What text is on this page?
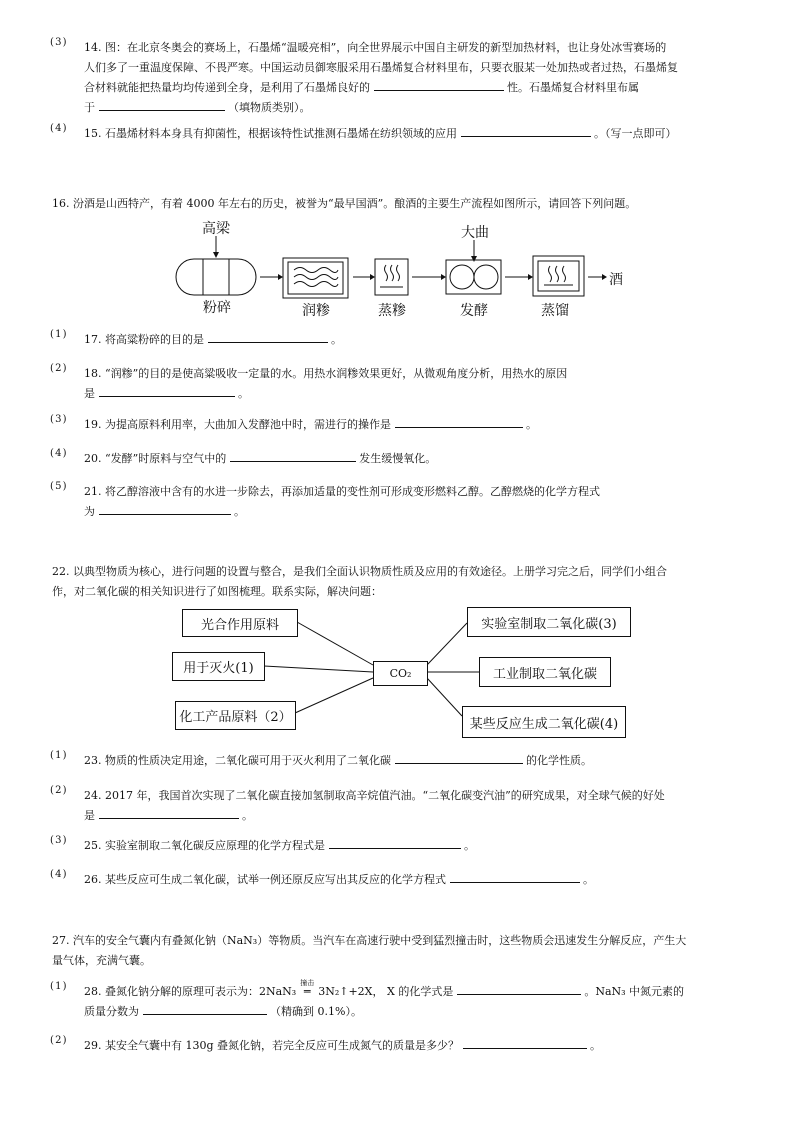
( 3 ) 14. 图：在北京冬奥会的赛场上，石墨烯“温暖亮相”，向全世界展示中国自主研发的新型加热材料，也让身处冰雪赛场的
人们多了一重温度保障、不畏严寒。中国运动员御寒服采用石墨烯复合材料里布，只要衣服某一处加热或者过热，石墨烯复
合材料就能把热量均均传递到全身，是利用了石墨烯良好的	性。石墨烯复合材料里布属
于	（填物质类别）。
( 4 ) 15. 石墨烯材料本身具有抑菌性，根据该特性试推测石墨烯在纺织领域的应用	。（写一点即可）
16. 汾酒是山西特产，有着 4000 年左右的历史，被誉为“最早国酒”。酿酒的主要生产流程如图所示，请回答下列问题。
高梁	大曲
粉碎	润糁	蒸糁	发酵	蒸馏
酒
( 1 ) 17. 将高粱粉碎的目的是	。
( 2 ) 18. “润糁”的目的是使高粱吸收一定量的水。用热水润糁效果更好，从微观角度分析，用热水的原因
是	。
( 3 ) 19. 为提高原料利用率，大曲加入发酵池中时，需进行的操作是	。
( 4 ) 20. “发酵”时原料与空气中的	发生缓慢氧化。
( 5 ) 21. 将乙醇溶液中含有的水进一步除去，再添加适量的变性剂可形成变形燃料乙醇。乙醇燃烧的化学方程式
为	。
22. 以典型物质为核心，进行问题的设置与整合，是我们全面认识物质性质及应用的有效途径。上册学习完之后，同学们小组合
作，对二氧化碳的相关知识进行了如图梳理。联系实际，解决问题：
光合作用原料
用于灭火(1)
化工产品原料（2）
CO₂
实验室制取二氧化碳(3)
工业制取二氧化碳
某些反应生成二氧化碳(4)
( 1 ) 23. 物质的性质决定用途，二氧化碳可用于灭火利用了二氧化碳	的化学性质。
( 2 ) 24. 2017 年，我国首次实现了二氧化碳直接加氢制取高辛烷值汽油。“二氧化碳变汽油”的研究成果，对全球气候的好处
是	。
( 3 ) 25. 实验室制取二氧化碳反应原理的化学方程式是	。
( 4 ) 26. 某些反应可生成二氧化碳，试举一例还原反应写出其反应的化学方程式	。
27. 汽车的安全气囊内有叠氮化钠（NaN₃）等物质。当汽车在高速行驶中受到猛烈撞击时，这些物质会迅速发生分解反应，产生大
量气体，充满气囊。
( 1 ) 28. 叠氮化钠分解的原理可表示为：2NaN₃
撞击
═ 3N₂↑+2X， X 的化学式是	。NaN₃ 中氮元素的
质量分数为	（精确到 0.1%）。
( 2 ) 29. 某安全气囊中有 130g 叠氮化钠，若完全反应可生成氮气的质量是多少？	。
